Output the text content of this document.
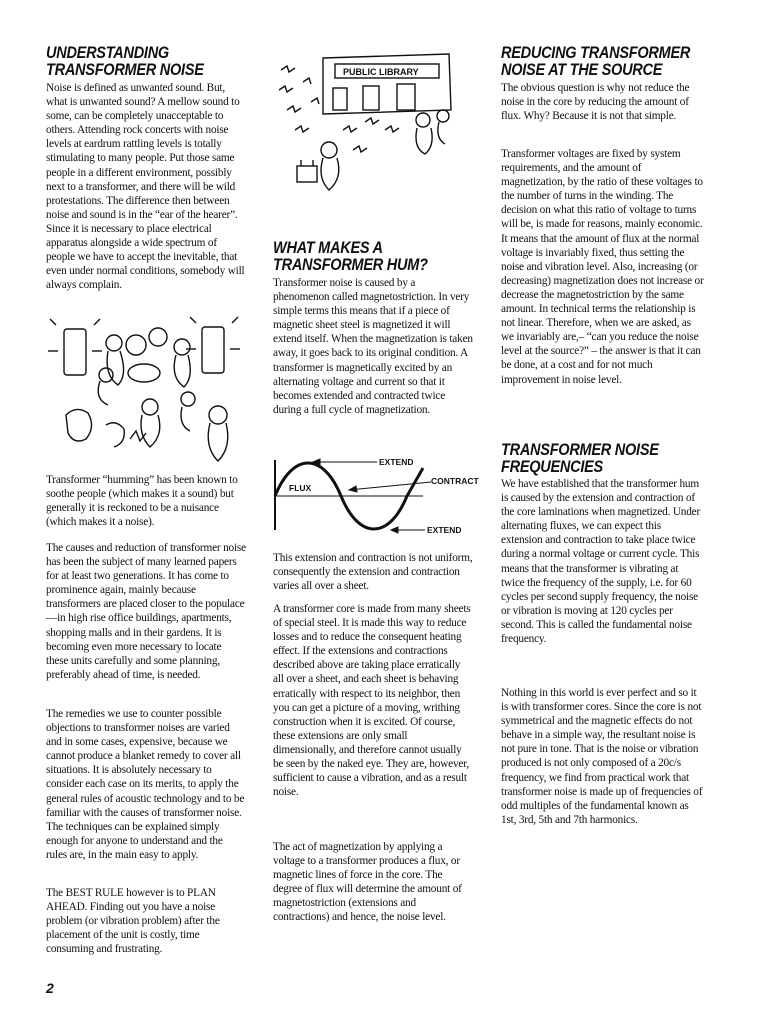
UNDERSTANDING
TRANSFORMER NOISE

Noise is defined as unwanted sound. But, what is unwanted sound? A mellow sound to some, can be completely unacceptable to others. Attending rock concerts with noise levels at eardrum rattling levels is totally stimulating to many people. Put those same people in a different environment, possibly next to a transformer, and there will be wild protestations. The difference then between noise and sound is in the “ear of the hearer”. Since it is necessary to place electrical apparatus alongside a wide spectrum of people we have to accept the inevitable, that even under normal conditions, somebody will always complain.

Transformer “humming” has been known to soothe people (which makes it a sound) but generally it is reckoned to be a nuisance (which makes it a noise).

The causes and reduction of transformer noise has been the subject of many learned papers for at least two generations. It has come to prominence again, mainly because transformers are placed closer to the populace—in high rise office buildings, apartments, shopping malls and in their gardens. It is becoming even more necessary to locate these units carefully and some planning, preferably ahead of time, is needed.

The remedies we use to counter possible objections to transformer noises are varied and in some cases, expensive, because we cannot produce a blanket remedy to cover all situations. It is absolutely necessary to consider each case on its merits, to apply the general rules of acoustic technology and to be familiar with the causes of transformer noise. The techniques can be explained simply enough for anyone to understand and the rules are, in the main easy to apply.

The BEST RULE however is to PLAN AHEAD. Finding out you have a noise problem (or vibration problem) after the placement of the unit is costly, time consuming and frustrating.

PUBLIC LIBRARY
WHAT MAKES A
TRANSFORMER HUM?

Transformer noise is caused by a phenomenon called magnetostriction. In very simple terms this means that if a piece of magnetic sheet steel is magnetized it will extend itself. When the magnetization is taken away, it goes back to its original condition. A transformer is magnetically excited by an alternating voltage and current so that it becomes extended and contracted twice during a full cycle of magnetization.

EXTEND
FLUX
CONTRACT
EXTEND

This extension and contraction is not uniform, consequently the extension and contraction varies all over a sheet.

A transformer core is made from many sheets of special steel. It is made this way to reduce losses and to reduce the consequent heating effect. If the extensions and contractions described above are taking place erratically all over a sheet, and each sheet is behaving erratically with respect to its neighbor, then you can get a picture of a moving, writhing construction when it is excited. Of course, these extensions are only small dimensionally, and therefore cannot usually be seen by the naked eye. They are, however, sufficient to cause a vibration, and as a result noise.

The act of magnetization by applying a voltage to a transformer produces a flux, or magnetic lines of force in the core. The degree of flux will determine the amount of magnetostriction (extensions and contractions) and hence, the noise level.

REDUCING TRANSFORMER
NOISE AT THE SOURCE

The obvious question is why not reduce the noise in the core by reducing the amount of flux. Why? Because it is not that simple.

Transformer voltages are fixed by system requirements, and the amount of magnetization, by the ratio of these voltages to the number of turns in the winding. The decision on what this ratio of voltage to turns will be, is made for reasons, mainly economic. It means that the amount of flux at the normal voltage is invariably fixed, thus setting the noise and vibration level. Also, increasing (or decreasing) magnetization does not increase or decrease the magnetostriction by the same amount. In technical terms the relationship is not linear. Therefore, when we are asked, as we invariably are,– “can you reduce the noise level at the source?” – the answer is that it can be done, at a cost and for not much improvement in noise level.

TRANSFORMER NOISE
FREQUENCIES

We have established that the transformer hum is caused by the extension and contraction of the core laminations when magnetized. Under alternating fluxes, we can expect this extension and contraction to take place twice during a normal voltage or current cycle. This means that the transformer is vibrating at twice the frequency of the supply, i.e. for 60 cycles per second supply frequency, the noise or vibration is moving at 120 cycles per second. This is called the fundamental noise frequency.

Nothing in this world is ever perfect and so it is with transformer cores. Since the core is not symmetrical and the magnetic effects do not behave in a simple way, the resultant noise is not pure in tone. That is the noise or vibration produced is not only composed of a 20c/s frequency, we find from practical work that transformer noise is made up of frequencies of odd multiples of the fundamental known as 1st, 3rd, 5th and 7th harmonics.

2
